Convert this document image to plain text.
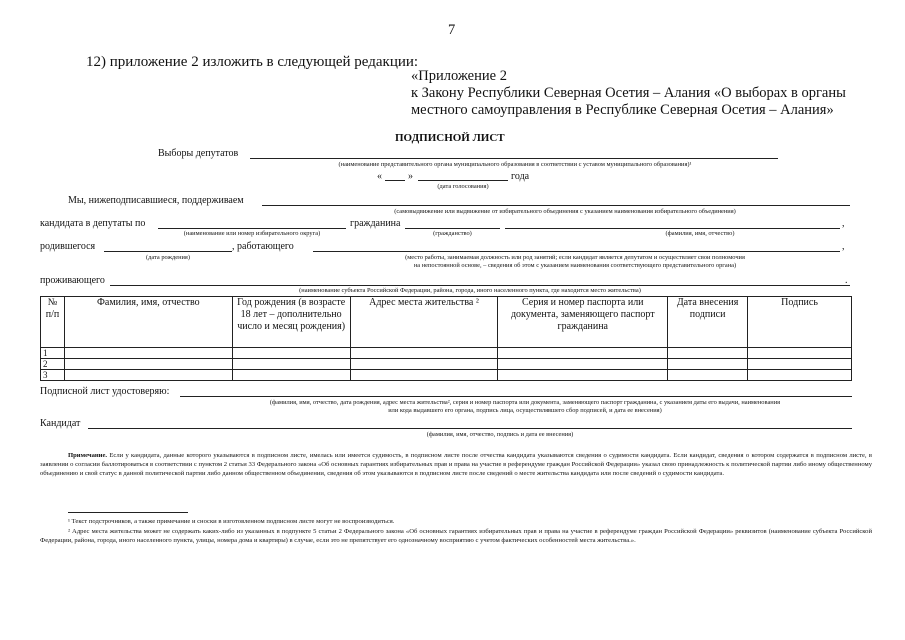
7
12) приложение 2 изложить в следующей редакции:
«Приложение 2
к Закону Республики Северная Осетия – Алания «О выборах в органы
местного самоуправления в Республике Северная Осетия – Алания»
ПОДПИСНОЙ ЛИСТ
Выборы депутатов
(наименование представительного органа муниципального образования в соответствии с уставом муниципального образования)¹
«	»	года
(дата голосования)
Мы, нижеподписавшиеся, поддерживаем
(самовыдвижение или выдвижение от избирательного объединения с указанием наименования избирательного объединения)
кандидата в депутаты по	гражданина	,
(наименование или номер избирательного округа)	(гражданство)	(фамилия, имя, отчество)
родившегося	, работающего	,
(дата рождения)	(место работы, занимаемая должность или род занятий; если кандидат является депутатом и осуществляет свои полномочия
на непостоянной основе, – сведения об этом с указанием наименования соответствующего представительного органа)
проживающего	.
(наименование субъекта Российской Федерации, района, города, иного населенного пункта, где находится место жительства)
№ п/п	Фамилия, имя, отчество	Год рождения (в возрасте 18 лет – дополнительно число и месяц рождения)	Адрес места жительства ²	Серия и номер паспорта или документа, заменяющего паспорт гражданина	Дата внесения подписи	Подпись
1						
2						
3						
Подписной лист удостоверяю:
(фамилия, имя, отчество, дата рождения, адрес места жительства², серия и номер паспорта или документа, заменяющего паспорт гражданина, с указанием даты его выдачи, наименования
или кода выдавшего его органа, подпись лица, осуществлявшего сбор подписей, и дата ее внесения)
Кандидат
(фамилия, имя, отчество, подпись и дата ее внесения)
Примечание. Если у кандидата, данные которого указываются в подписном листе, имелась или имеется судимость, в подписном листе после отчества кандидата указываются сведения о судимости кандидата. Если кандидат, сведения о котором содержатся в подписном листе, в заявлении о согласии баллотироваться в соответствии с пунктом 2 статьи 33 Федерального закона «Об основных гарантиях избирательных прав и права на участие в референдуме граждан Российской Федерации» указал свою принадлежность к политической партии либо иному общественному объединению и свой статус в данной политической партии либо данном общественном объединении, сведения об этом указываются в подписном листе после сведений о месте жительства кандидата или после сведений о судимости кандидата.
¹ Текст подстрочников, а также примечание и сноски в изготовленном подписном листе могут не воспроизводиться.
² Адрес места жительства может не содержать каких-либо из указанных в подпункте 5 статьи 2 Федерального закона «Об основных гарантиях избирательных прав и права на участие в референдуме граждан Российской Федерации» реквизитов (наименование субъекта Российской Федерации, района, города, иного населенного пункта, улицы, номера дома и квартиры) в случае, если это не препятствует его однозначному восприятию с учетом фактических особенностей места жительства.».
